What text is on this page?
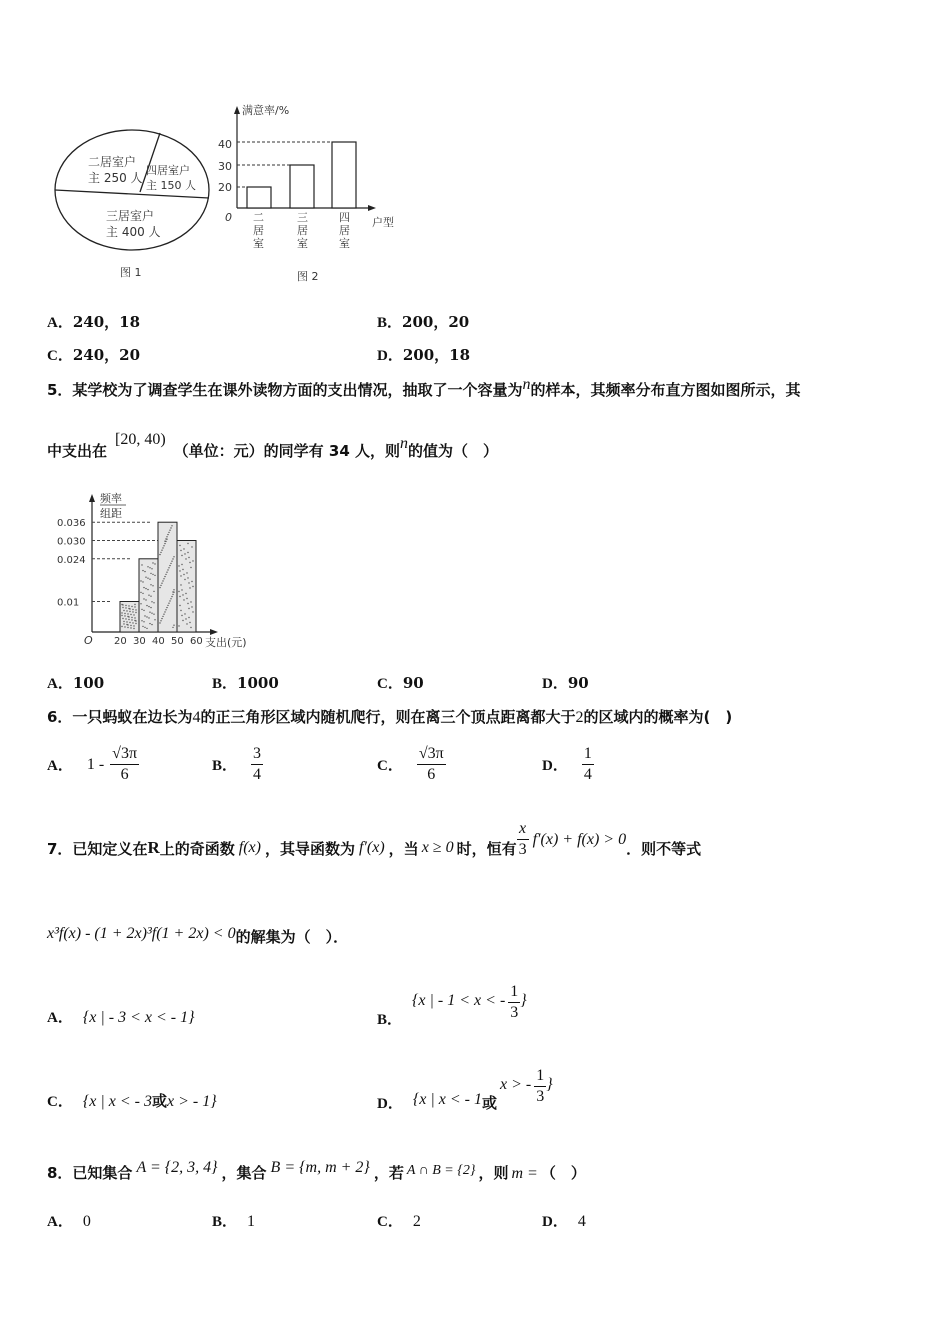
二居室户
主 250 人
四居室户
主 150 人
三居室户
主 400 人
图 1
满意率/%
户型
0
20
30
40
二
居
室
三
居
室
四
居
室
图 2
A．240，18	B．200，20
C．240，20	D．200，18
5．某学校为了调查学生在课外读物方面的支出情况，抽取了一个容量为n的样本，其频率分布直方图如图所示，其
中支出在[20, 40)（单位：元）的同学有 34 人，则n的值为（　）
频率
组距
支出(元)
O
0.036
0.030
0.024
0.01
20 30 40 50 60
A．100	B．1000	C．90	D．90
6．一只蚂蚁在边长为4的正三角形区域内随机爬行，则在离三个顶点距离都大于2的区域内的概率为(　)
A． $1 - \frac{√3\pi}{6}$	B． $\frac{3}{4}$	C． $\frac{√3\pi}{6}$	D． $\frac{1}{4}$
7．已知定义在 R 上的奇函数 f(x) ，其导函数为 f′(x) ，当 x ≥ 0 时，恒有 $\frac{x}{3} f'(x) + f(x) > 0$ ．则不等式
x³f(x) - (1 + 2x)³f(1 + 2x) < 0的解集为（　）．
A． {x | - 3 < x < - 1}	B．
{x | - 1 < x < - $\frac{1}{3}$ }
C． {x | x < - 3或x > - 1}	D． {x | x < - 1 或
x > - $\frac{1}{3}$ }
8．已知集合 A = {2, 3, 4} ，集合 B = {m, m + 2} ，若 A ∩ B = {2} ，则 m = （　）
A． 0	B． 1	C． 2	D． 4
